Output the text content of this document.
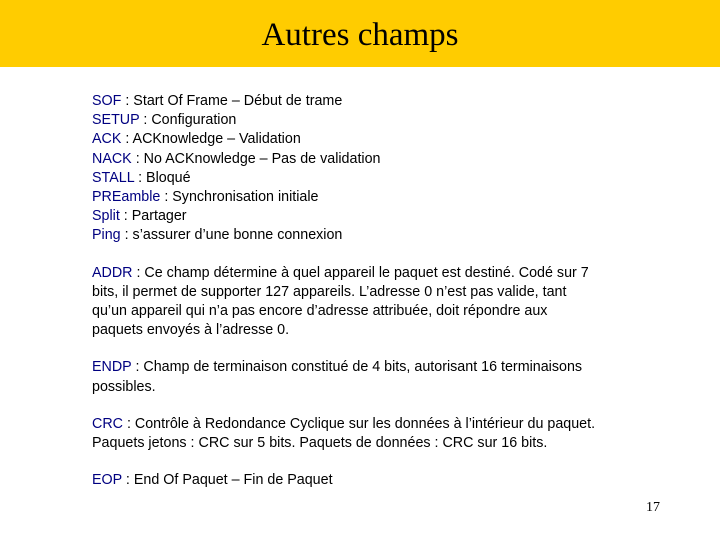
Autres champs
SOF : Start Of Frame – Début de trame
SETUP : Configuration
ACK : ACKnowledge – Validation
NACK : No ACKnowledge – Pas de validation
STALL : Bloqué
PREamble : Synchronisation initiale
Split : Partager
Ping : s’assurer d’une bonne connexion
ADDR : Ce champ détermine à quel appareil le paquet est destiné. Codé sur 7
bits, il permet de supporter 127 appareils. L’adresse 0 n’est pas valide, tant
qu’un appareil qui n’a pas encore d’adresse attribuée, doit répondre aux
paquets envoyés à l’adresse 0.
ENDP : Champ de terminaison constitué de 4 bits, autorisant 16 terminaisons
possibles.
CRC : Contrôle à Redondance Cyclique sur les données à l’intérieur du paquet.
Paquets jetons : CRC sur 5 bits. Paquets de données : CRC sur 16 bits.
EOP : End Of Paquet – Fin de Paquet
17
